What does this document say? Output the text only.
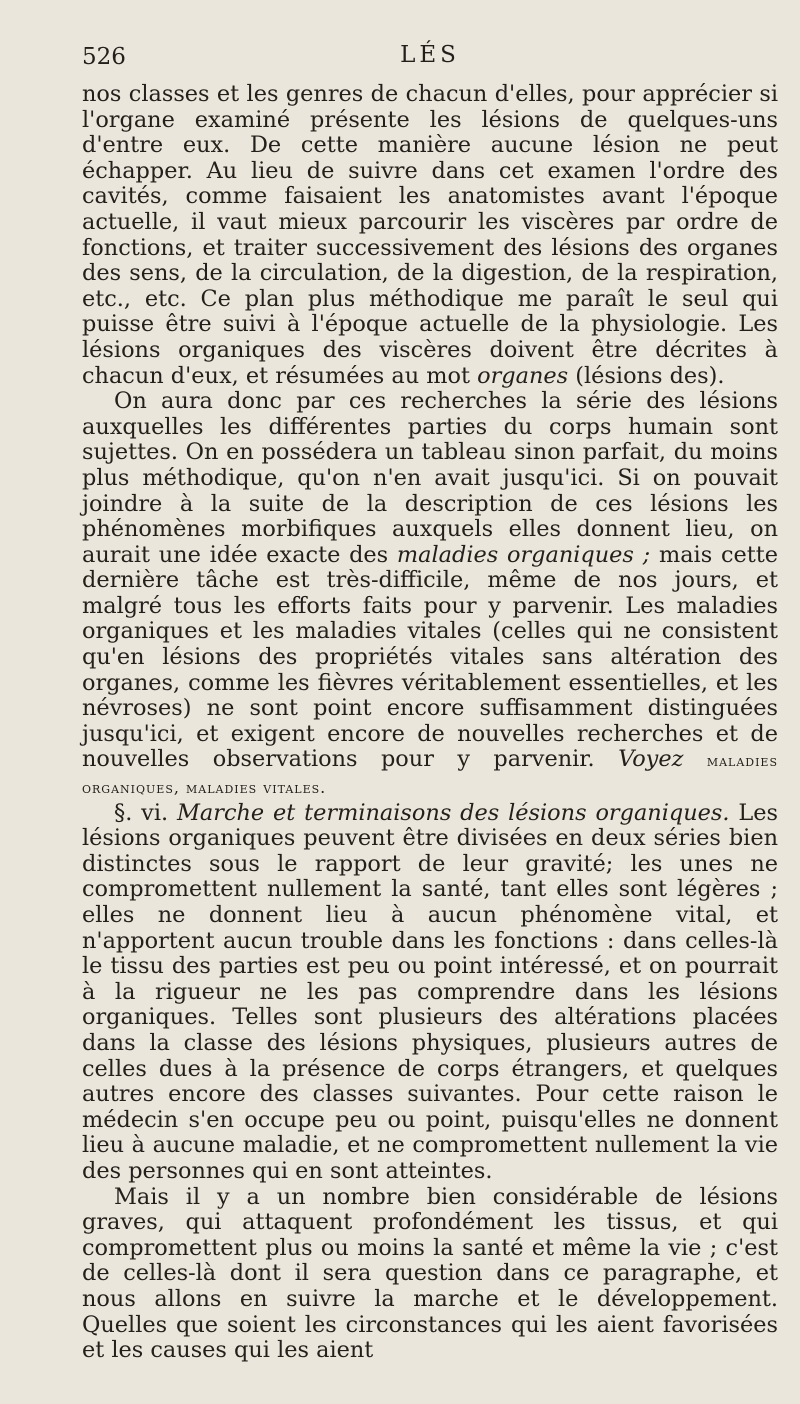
526	LÉS

nos classes et les genres de chacun d'elles, pour apprécier si l'organe examiné présente les lésions de quelques-uns d'entre eux. De cette manière aucune lésion ne peut échapper. Au lieu de suivre dans cet examen l'ordre des cavités, comme faisaient les anatomistes avant l'époque actuelle, il vaut mieux parcourir les viscères par ordre de fonctions, et traiter successivement des lésions des organes des sens, de la circulation, de la digestion, de la respiration, etc., etc. Ce plan plus méthodique me paraît le seul qui puisse être suivi à l'époque actuelle de la physiologie. Les lésions organiques des viscères doivent être décrites à chacun d'eux, et résumées au mot organes (lésions des).

On aura donc par ces recherches la série des lésions auxquelles les différentes parties du corps humain sont sujettes. On en possédera un tableau sinon parfait, du moins plus méthodique, qu'on n'en avait jusqu'ici. Si on pouvait joindre à la suite de la description de ces lésions les phénomènes morbifiques auxquels elles donnent lieu, on aurait une idée exacte des maladies organiques ; mais cette dernière tâche est très-difficile, même de nos jours, et malgré tous les efforts faits pour y parvenir. Les maladies organiques et les maladies vitales (celles qui ne consistent qu'en lésions des propriétés vitales sans altération des organes, comme les fièvres véritablement essentielles, et les névroses) ne sont point encore suffisamment distinguées jusqu'ici, et exigent encore de nouvelles recherches et de nouvelles observations pour y parvenir. Voyez maladies organiques, maladies vitales.

§. vi. Marche et terminaisons des lésions organiques. Les lésions organiques peuvent être divisées en deux séries bien distinctes sous le rapport de leur gravité; les unes ne compromettent nullement la santé, tant elles sont légères ; elles ne donnent lieu à aucun phénomène vital, et n'apportent aucun trouble dans les fonctions : dans celles-là le tissu des parties est peu ou point intéressé, et on pourrait à la rigueur ne les pas comprendre dans les lésions organiques. Telles sont plusieurs des altérations placées dans la classe des lésions physiques, plusieurs autres de celles dues à la présence de corps étrangers, et quelques autres encore des classes suivantes. Pour cette raison le médecin s'en occupe peu ou point, puisqu'elles ne donnent lieu à aucune maladie, et ne compromettent nullement la vie des personnes qui en sont atteintes.

Mais il y a un nombre bien considérable de lésions graves, qui attaquent profondément les tissus, et qui compromettent plus ou moins la santé et même la vie ; c'est de celles-là dont il sera question dans ce paragraphe, et nous allons en suivre la marche et le développement. Quelles que soient les circonstances qui les aient favorisées et les causes qui les aient
